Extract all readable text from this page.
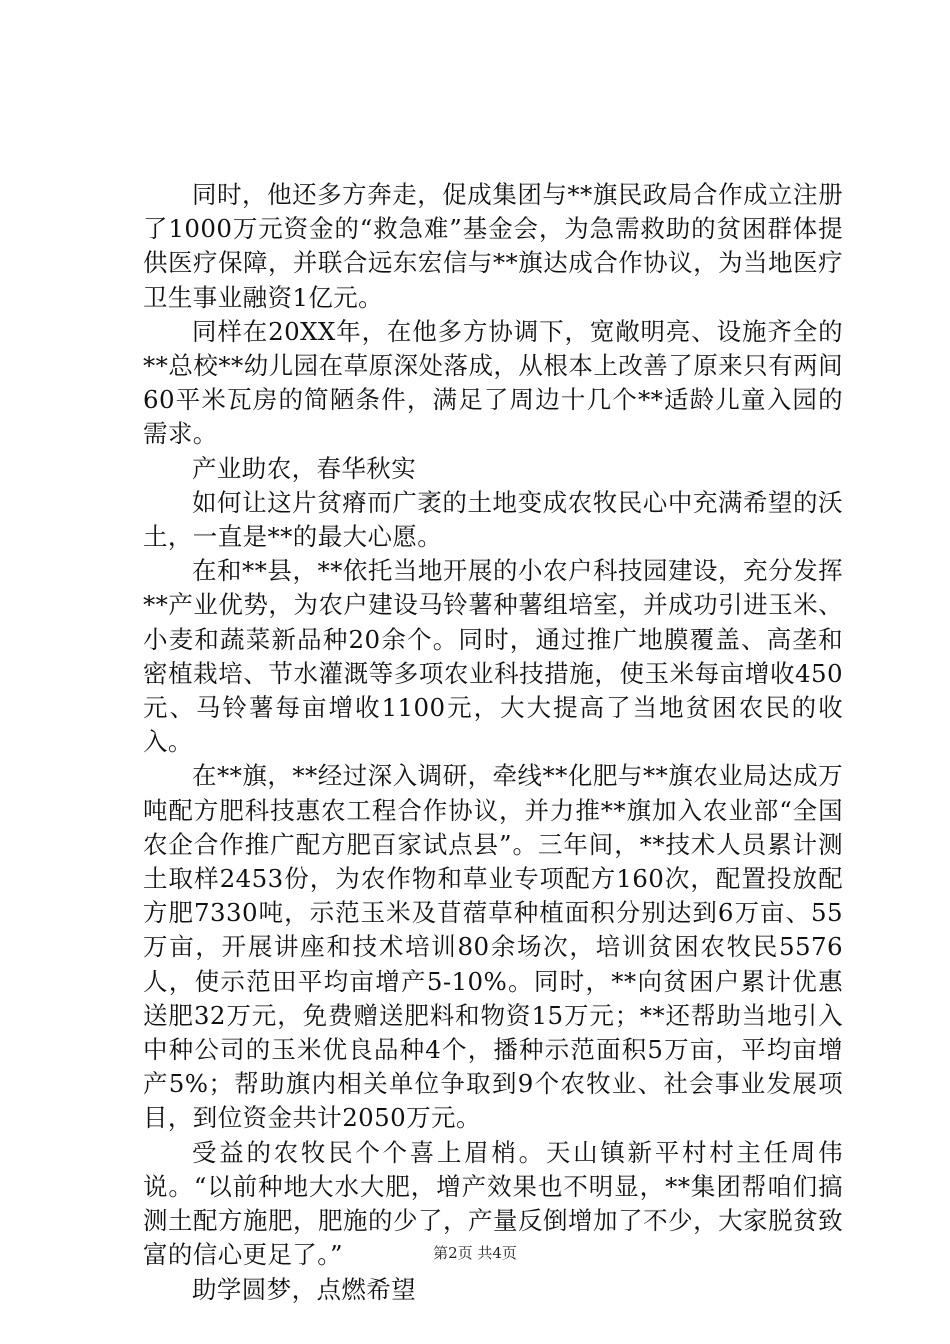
同时，他还多方奔走，促成集团与**旗民政局合作成立注册了1000万元资金的“救急难”基金会，为急需救助的贫困群体提供医疗保障，并联合远东宏信与**旗达成合作协议，为当地医疗卫生事业融资1亿元。

同样在20XX年，在他多方协调下，宽敞明亮、设施齐全的**总校**幼儿园在草原深处落成，从根本上改善了原来只有两间60平米瓦房的简陋条件，满足了周边十几个**适龄儿童入园的需求。

产业助农，春华秋实

如何让这片贫瘠而广袤的土地变成农牧民心中充满希望的沃土，一直是**的最大心愿。

在和**县，**依托当地开展的小农户科技园建设，充分发挥**产业优势，为农户建设马铃薯种薯组培室，并成功引进玉米、小麦和蔬菜新品种20余个。同时，通过推广地膜覆盖、高垄和密植栽培、节水灌溉等多项农业科技措施，使玉米每亩增收450元、马铃薯每亩增收1100元，大大提高了当地贫困农民的收入。

在**旗，**经过深入调研，牵线**化肥与**旗农业局达成万吨配方肥科技惠农工程合作协议，并力推**旗加入农业部“全国农企合作推广配方肥百家试点县”。三年间，**技术人员累计测土取样2453份，为农作物和草业专项配方160次，配置投放配方肥7330吨，示范玉米及苜蓿草种植面积分别达到6万亩、55万亩，开展讲座和技术培训80余场次，培训贫困农牧民5576人，使示范田平均亩增产5-10%。同时，**向贫困户累计优惠送肥32万元，免费赠送肥料和物资15万元；**还帮助当地引入中种公司的玉米优良品种4个，播种示范面积5万亩，平均亩增产5%；帮助旗内相关单位争取到9个农牧业、社会事业发展项目，到位资金共计2050万元。

受益的农牧民个个喜上眉梢。天山镇新平村村主任周伟说。“以前种地大水大肥，增产效果也不明显，**集团帮咱们搞测土配方施肥，肥施的少了，产量反倒增加了不少，大家脱贫致富的信心更足了。”

助学圆梦，点燃希望

第2页 共4页
